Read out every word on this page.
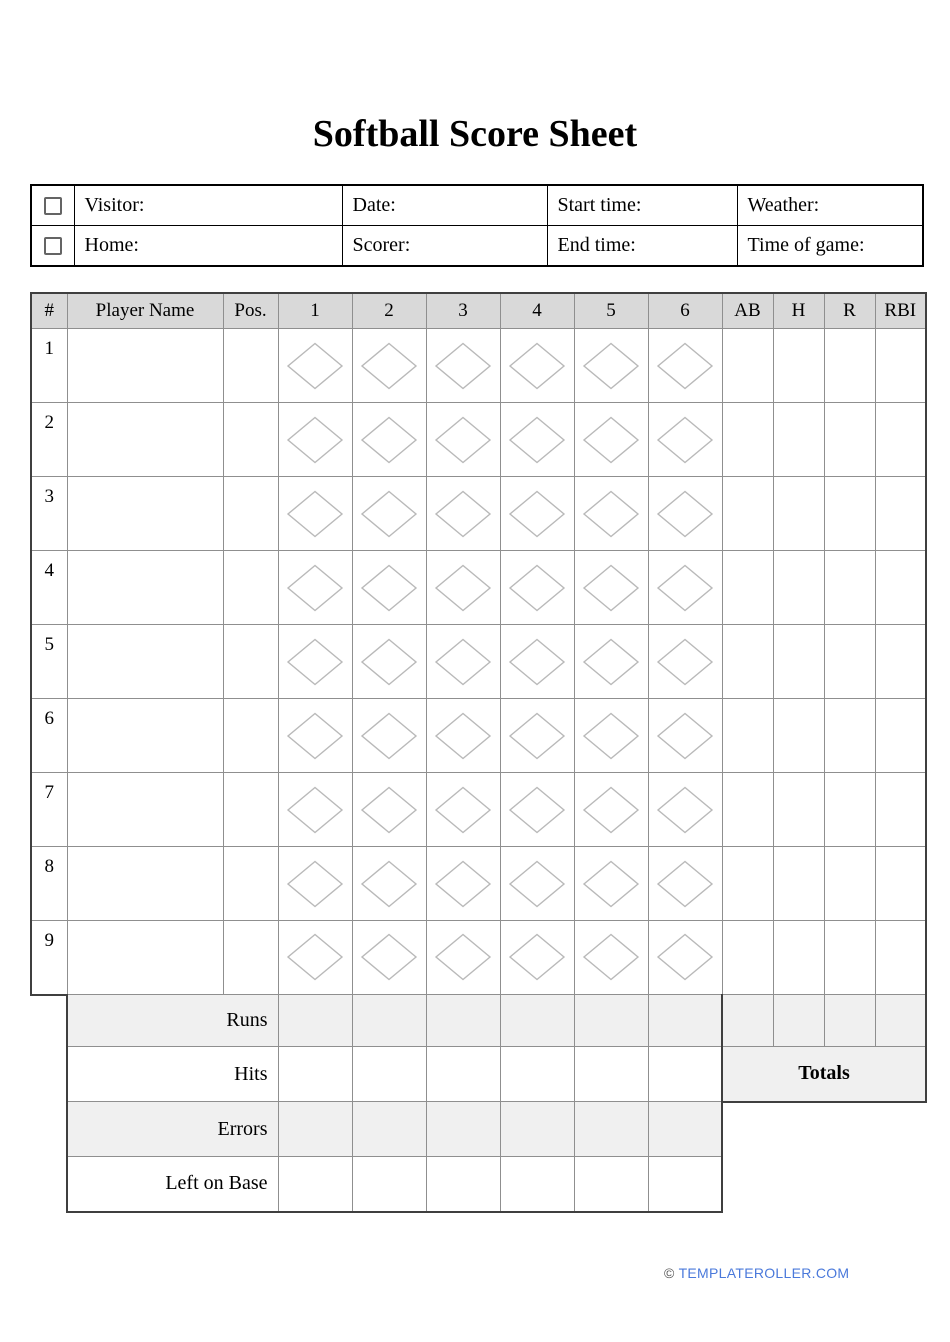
Softball Score Sheet
	Visitor:	Date:	Start time:	Weather:

	Home:	Scorer:	End time:	Time of game:
#	Player Name	Pos.	1	2	3	4	5	6	AB	H	R	RBI
1			

2			

3			

4			

5			

6			

7			

8			

9			

Runs						
Hits						
Errors						
Left on Base						

Totals
© TEMPLATEROLLER.COM
